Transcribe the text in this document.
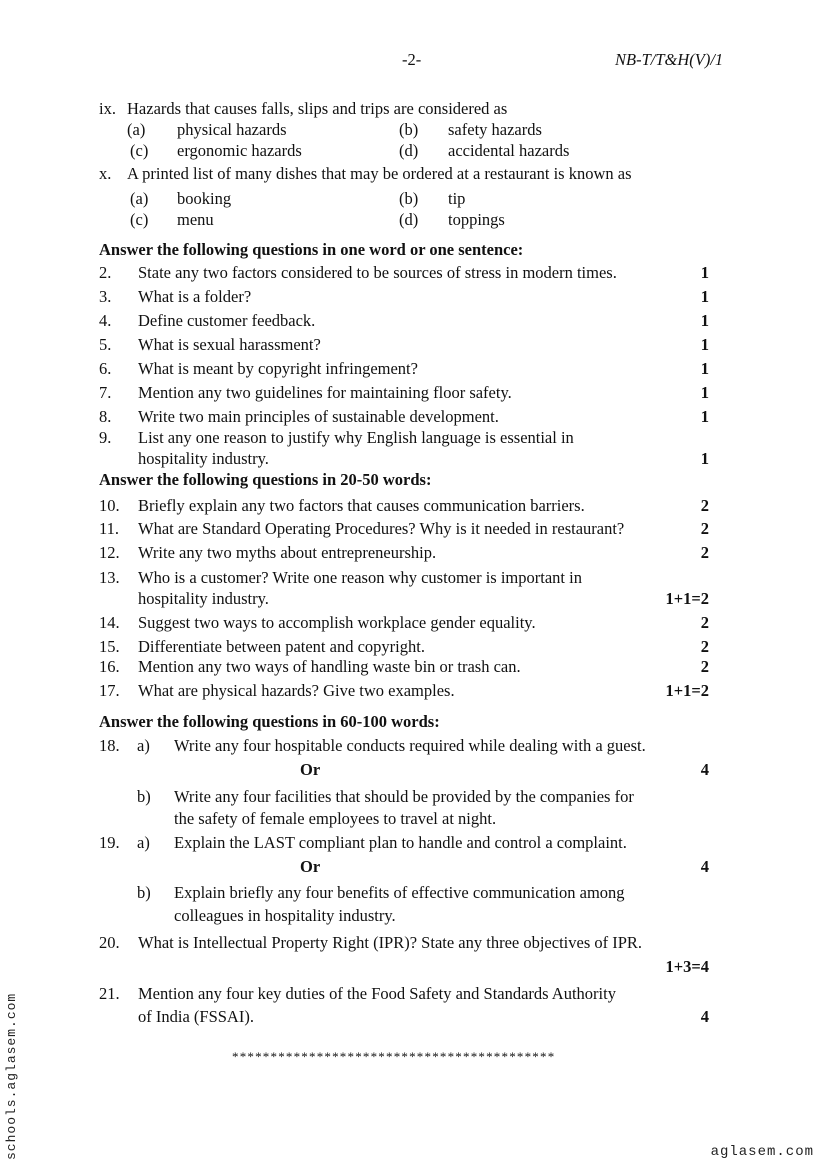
-2-	NB-T/T&H(V)/1
ix. Hazards that causes falls, slips and trips are considered as
(a) physical hazards	(b) safety hazards
(c) ergonomic hazards	(d) accidental hazards
x. A printed list of many dishes that may be ordered at a restaurant is known as
(a) booking	(b) tip
(c) menu	(d) toppings
Answer the following questions in one word or one sentence:
2. State any two factors considered to be sources of stress in modern times.	1
3. What is a folder?	1
4. Define customer feedback.	1
5. What is sexual harassment?	1
6. What is meant by copyright infringement?	1
7. Mention any two guidelines for maintaining floor safety.	1
8. Write two main principles of sustainable development.	1
9. List any one reason to justify why English language is essential in
hospitality industry.	1
Answer the following questions in 20-50 words:
10. Briefly explain any two factors that causes communication barriers.	2
11. What are Standard Operating Procedures? Why is it needed in restaurant?	2
12. Write any two myths about entrepreneurship.	2
13. Who is a customer? Write one reason why customer is important in
hospitality industry.	1+1=2
14. Suggest two ways to accomplish workplace gender equality.	2
15. Differentiate between patent and copyright.	2
16. Mention any two ways of handling waste bin or trash can.	2
17. What are physical hazards? Give two examples.	1+1=2
Answer the following questions in 60-100 words:
18. a) Write any four hospitable conducts required while dealing with a guest.
Or	4
b) Write any four facilities that should be provided by the companies for
the safety of female employees to travel at night.
19. a) Explain the LAST compliant plan to handle and control a complaint.
Or	4
b) Explain briefly any four benefits of effective communication among
colleagues in hospitality industry.
20. What is Intellectual Property Right (IPR)? State any three objectives of IPR.
1+3=4
21. Mention any four key duties of the Food Safety and Standards Authority
of India (FSSAI).	4
******************************************
schools.aglasem.com	aglasem.com
